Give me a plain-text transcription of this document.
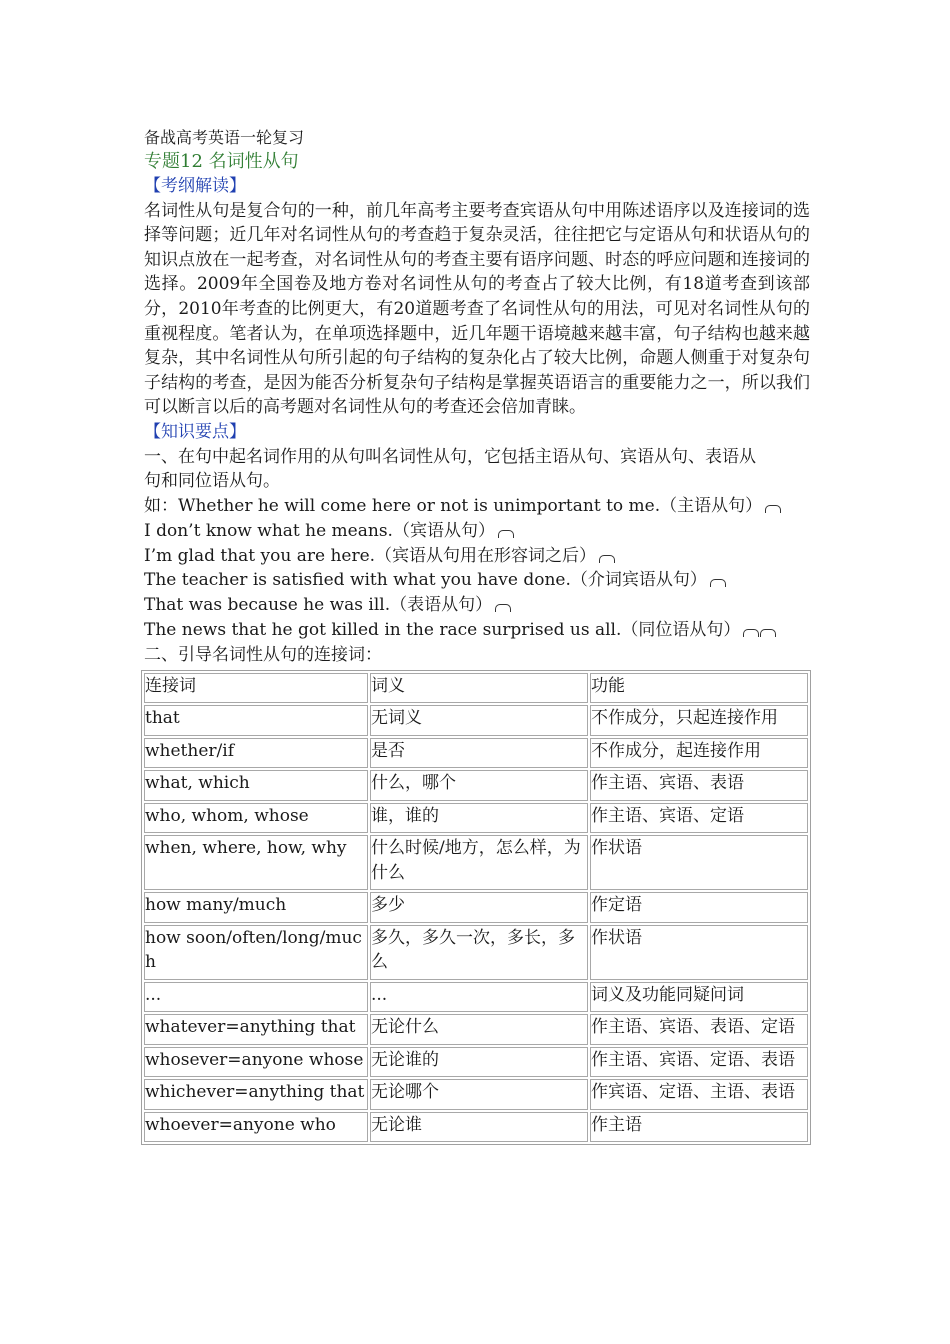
备战高考英语一轮复习
专题12 名词性从句
【考纲解读】

名词性从句是复合句的一种，前几年高考主要考查宾语从句中用陈述语序以及连接词的选择等问题；近几年对名词性从句的考查趋于复杂灵活，往往把它与定语从句和状语从句的知识点放在一起考查，对名词性从句的考查主要有语序问题、时态的呼应问题和连接词的选择。2009年全国卷及地方卷对名词性从句的考查占了较大比例，有18道考查到该部分，2010年考查的比例更大，有20道题考查了名词性从句的用法，可见对名词性从句的重视程度。笔者认为，在单项选择题中，近几年题干语境越来越丰富，句子结构也越来越复杂，其中名词性从句所引起的句子结构的复杂化占了较大比例，命题人侧重于对复杂句子结构的考查，是因为能否分析复杂句子结构是掌握英语语言的重要能力之一，所以我们可以断言以后的高考题对名词性从句的考查还会倍加青睐。

【知识要点】
一、在句中起名词作用的从句叫名词性从句，它包括主语从句、宾语从句、表语从
句和同位语从句。
如：Whether he will come here or not is unimportant to me.（主语从句）
I don’t know what he means.（宾语从句）
I’m glad that you are here.（宾语从句用在形容词之后）
The teacher is satisfied with what you have done.（介词宾语从句）
That was because he was ill.（表语从句）
The news that he got killed in the race surprised us all.（同位语从句）
二、引导名词性从句的连接词：
连接词	词义	功能
that	无词义	不作成分，只起连接作用
whether/if	是否	不作成分，起连接作用
what, which	什么，哪个	作主语、宾语、表语
who, whom, whose	谁，谁的	作主语、宾语、定语
when, where, how, why	什么时候/地方，怎么样，为什么	作状语
how many/much	多少	作定语
how soon/often/long/much	多久，多久一次，多长，多么	作状语
...	...	词义及功能同疑问词
whatever=anything that	无论什么	作主语、宾语、表语、定语
whosever=anyone whose	无论谁的	作主语、宾语、定语、表语
whichever=anything that	无论哪个	作宾语、定语、主语、表语
whoever=anyone who	无论谁	作主语
